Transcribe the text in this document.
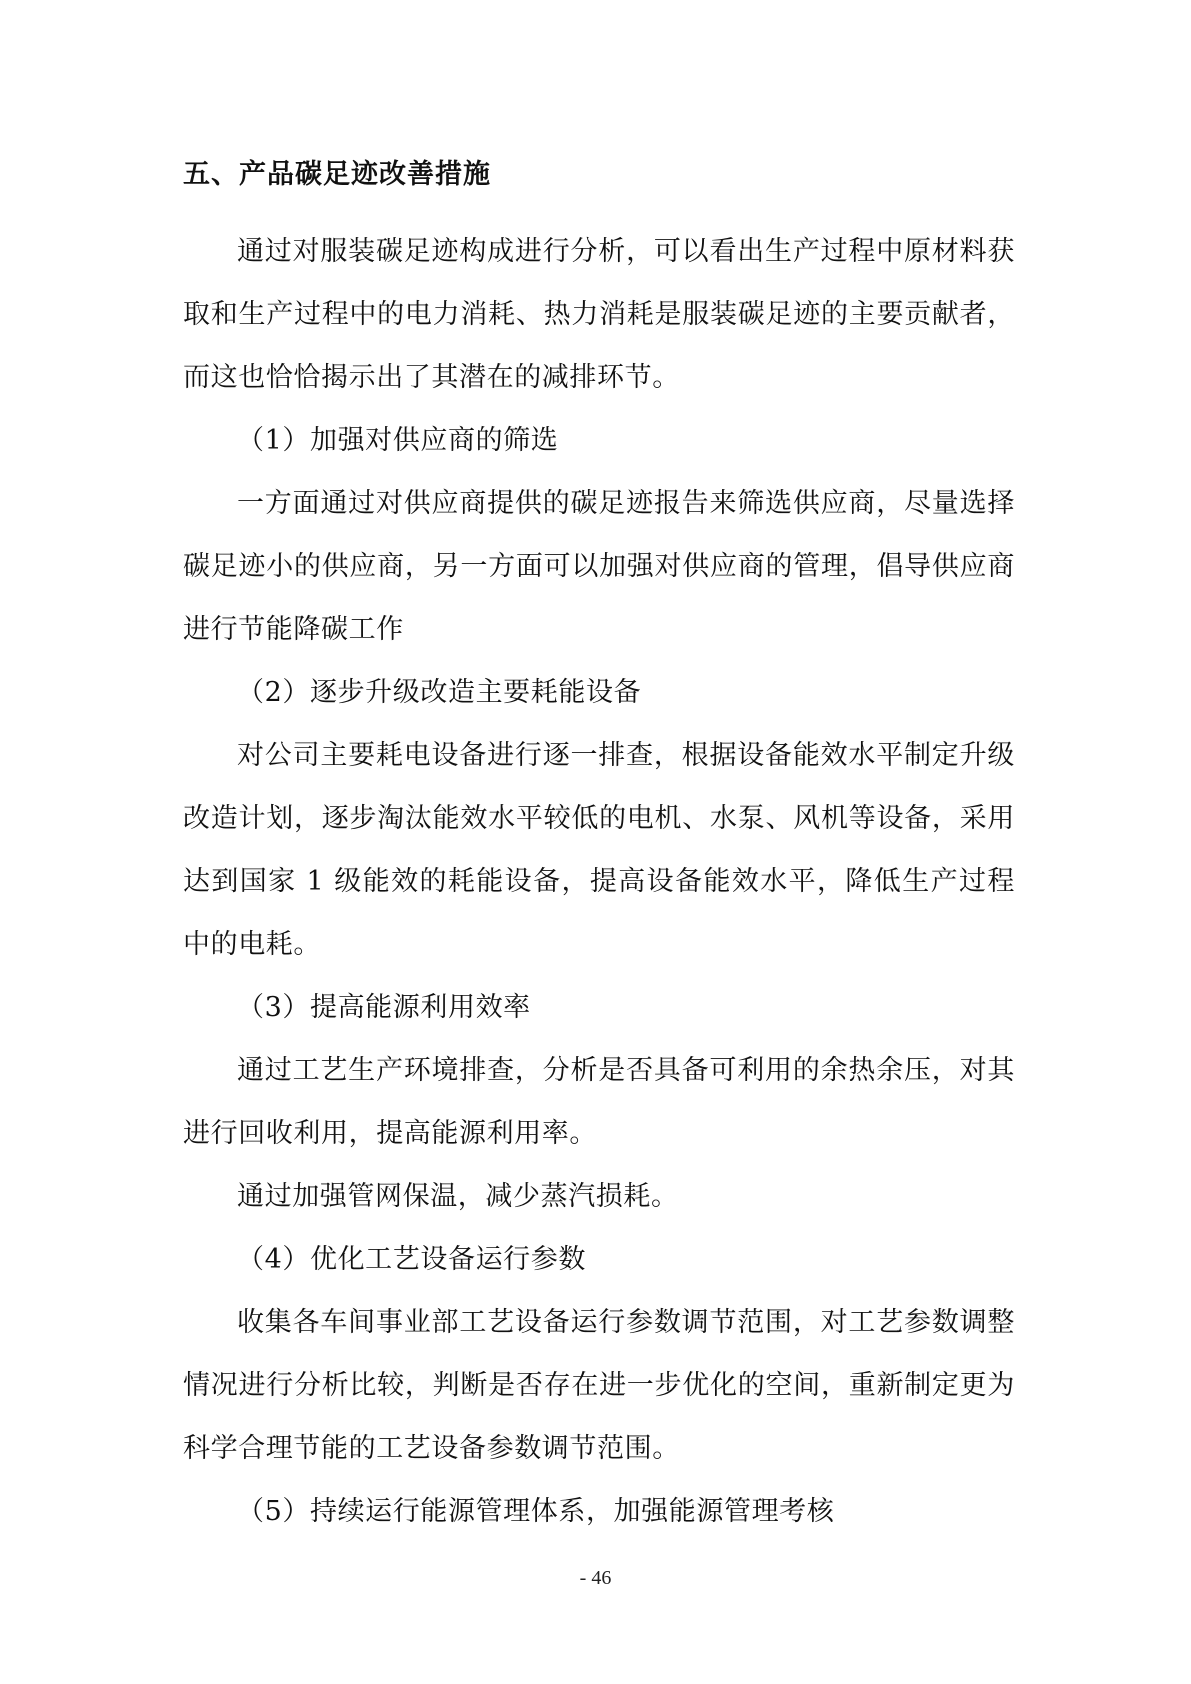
五、产品碳足迹改善措施

通过对服装碳足迹构成进行分析，可以看出生产过程中原材料获取和生产过程中的电力消耗、热力消耗是服装碳足迹的主要贡献者，而这也恰恰揭示出了其潜在的减排环节。

（1）加强对供应商的筛选

一方面通过对供应商提供的碳足迹报告来筛选供应商，尽量选择碳足迹小的供应商，另一方面可以加强对供应商的管理，倡导供应商进行节能降碳工作

（2）逐步升级改造主要耗能设备

对公司主要耗电设备进行逐一排查，根据设备能效水平制定升级改造计划，逐步淘汰能效水平较低的电机、水泵、风机等设备，采用达到国家 1 级能效的耗能设备，提高设备能效水平，降低生产过程中的电耗。

（3）提高能源利用效率

通过工艺生产环境排查，分析是否具备可利用的余热余压，对其进行回收利用，提高能源利用率。

通过加强管网保温，减少蒸汽损耗。

（4）优化工艺设备运行参数

收集各车间事业部工艺设备运行参数调节范围，对工艺参数调整情况进行分析比较，判断是否存在进一步优化的空间，重新制定更为科学合理节能的工艺设备参数调节范围。

（5）持续运行能源管理体系，加强能源管理考核

- 46
